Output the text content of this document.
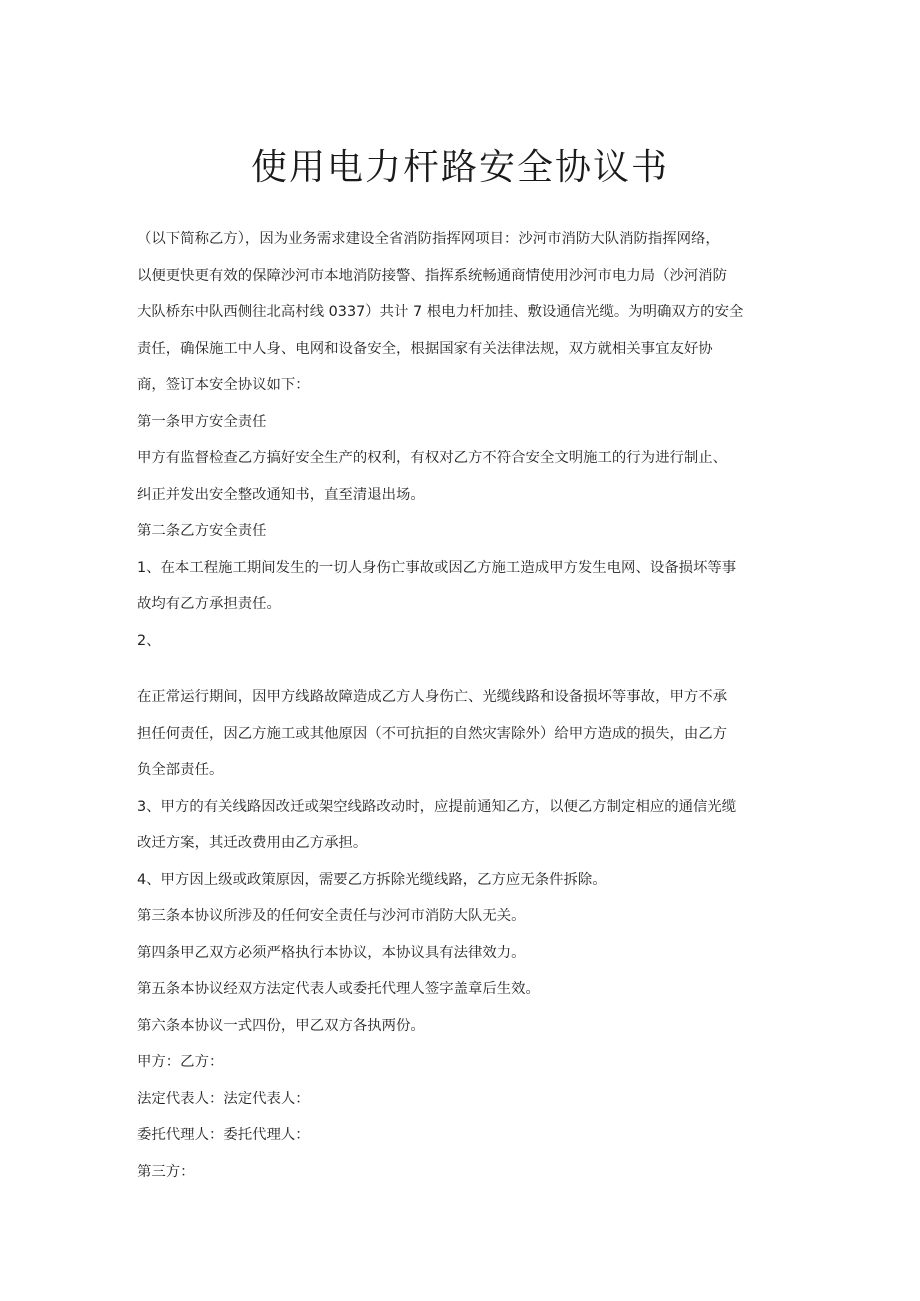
使用电力杆路安全协议书
（以下简称乙方），因为业务需求建设全省消防指挥网项目：沙河市消防大队消防指挥网络，
以便更快更有效的保障沙河市本地消防接警、指挥系统畅通商情使用沙河市电力局（沙河消防
大队桥东中队西侧往北高村线 0337）共计 7 根电力杆加挂、敷设通信光缆。为明确双方的安全
责任，确保施工中人身、电网和设备安全，根据国家有关法律法规，双方就相关事宜友好协
商，签订本安全协议如下：
第一条甲方安全责任
甲方有监督检查乙方搞好安全生产的权利，有权对乙方不符合安全文明施工的行为进行制止、
纠正并发出安全整改通知书，直至清退出场。
第二条乙方安全责任
1、在本工程施工期间发生的一切人身伤亡事故或因乙方施工造成甲方发生电网、设备损坏等事
故均有乙方承担责任。
2、
在正常运行期间，因甲方线路故障造成乙方人身伤亡、光缆线路和设备损坏等事故，甲方不承
担任何责任，因乙方施工或其他原因（不可抗拒的自然灾害除外）给甲方造成的损失，由乙方
负全部责任。
3、甲方的有关线路因改迁或架空线路改动时，应提前通知乙方，以便乙方制定相应的通信光缆
改迁方案，其迁改费用由乙方承担。
4、甲方因上级或政策原因，需要乙方拆除光缆线路，乙方应无条件拆除。
第三条本协议所涉及的任何安全责任与沙河市消防大队无关。
第四条甲乙双方必须严格执行本协议，本协议具有法律效力。
第五条本协议经双方法定代表人或委托代理人签字盖章后生效。
第六条本协议一式四份，甲乙双方各执两份。
甲方：乙方：
法定代表人：法定代表人：
委托代理人：委托代理人：
第三方：
